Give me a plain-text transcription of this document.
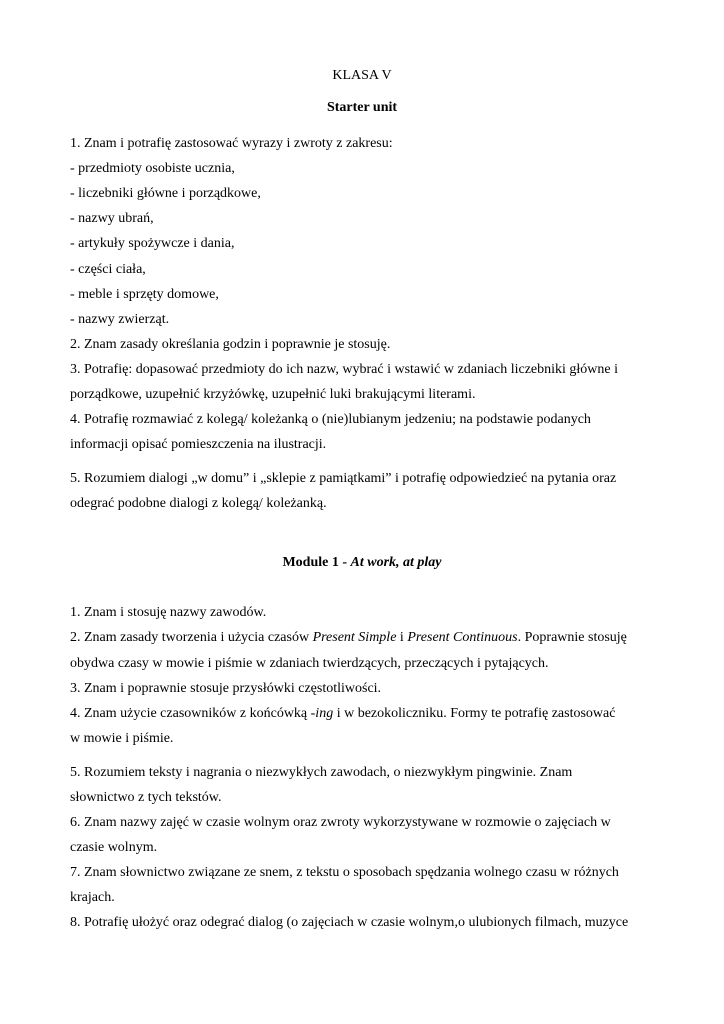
KLASA V
Starter unit
1. Znam i potrafię zastosować wyrazy i zwroty z zakresu:
- przedmioty osobiste ucznia,
- liczebniki główne i porządkowe,
- nazwy ubrań,
- artykuły spożywcze i dania,
- części ciała,
- meble i sprzęty domowe,
- nazwy zwierząt.
2. Znam zasady określania godzin i poprawnie je stosuję.
3. Potrafię: dopasować przedmioty do ich nazw, wybrać i wstawić w zdaniach liczebniki główne i
porządkowe, uzupełnić krzyżówkę, uzupełnić luki brakującymi literami.
4. Potrafię rozmawiać z kolegą/ koleżanką o (nie)lubianym jedzeniu; na podstawie podanych
informacji opisać pomieszczenia na ilustracji.
5. Rozumiem dialogi „w domu” i „sklepie z pamiątkami” i potrafię odpowiedzieć na pytania oraz
odegrać podobne dialogi z kolegą/ koleżanką.
Module 1 - At work, at play
1. Znam i stosuję nazwy zawodów.
2. Znam zasady tworzenia i użycia czasów Present Simple i Present Continuous. Poprawnie stosuję
obydwa czasy w mowie i piśmie w zdaniach twierdzących, przeczących i pytających.
3. Znam i poprawnie stosuje przysłówki częstotliwości.
4. Znam użycie czasowników z końcówką -ing i w bezokoliczniku. Formy te potrafię zastosować
w mowie i piśmie.
5. Rozumiem teksty i nagrania o niezwykłych zawodach, o niezwykłym pingwinie. Znam
słownictwo z tych tekstów.
6. Znam nazwy zajęć w czasie wolnym oraz zwroty wykorzystywane w rozmowie o zajęciach w
czasie wolnym.
7. Znam słownictwo związane ze snem, z tekstu o sposobach spędzania wolnego czasu w różnych
krajach.
8. Potrafię ułożyć oraz odegrać dialog (o zajęciach w czasie wolnym,o ulubionych filmach, muzyce
